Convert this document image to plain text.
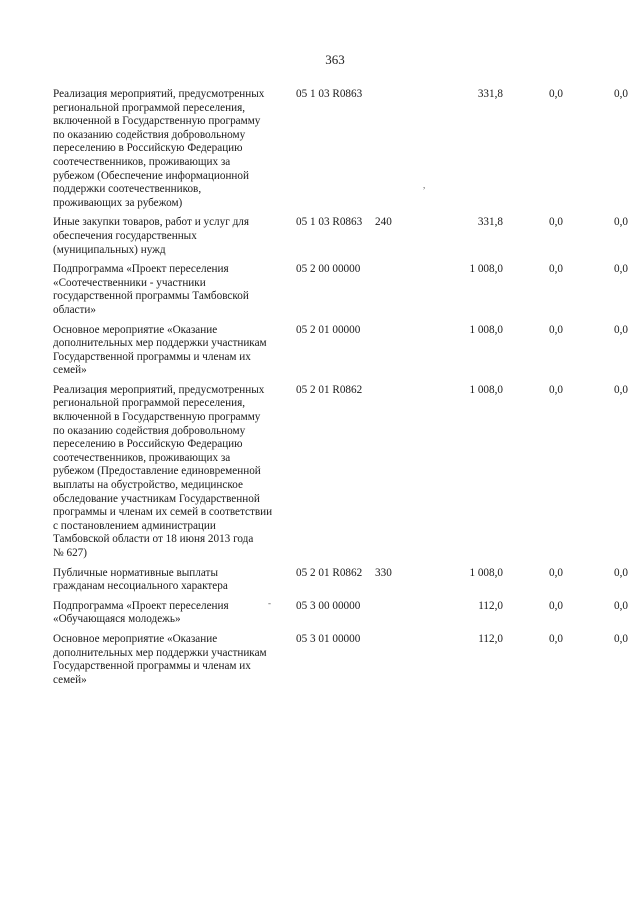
363
Реализация мероприятий, предусмотренных
региональной программой переселения,
включенной в Государственную программу
по оказанию содействия добровольному
переселению в Российскую Федерацию
соотечественников, проживающих за
рубежом (Обеспечение информационной
поддержки соотечественников,
проживающих за рубежом)
05 1 03 R0863	331,8	0,0	0,0
Иные закупки товаров, работ и услуг для
обеспечения государственных
(муниципальных) нужд
05 1 03 R0863 240	331,8	0,0	0,0
Подпрограмма «Проект переселения
«Соотечественники - участники
государственной программы Тамбовской
области»
05 2 00 00000	1 008,0	0,0	0,0
Основное мероприятие «Оказание
дополнительных мер поддержки участникам
Государственной программы и членам их
семей»
05 2 01 00000	1 008,0	0,0	0,0
Реализация мероприятий, предусмотренных
региональной программой переселения,
включенной в Государственную программу
по оказанию содействия добровольному
переселению в Российскую Федерацию
соотечественников, проживающих за
рубежом (Предоставление единовременной
выплаты на обустройство, медицинское
обследование участникам Государственной
программы и членам их семей в соответствии
с постановлением администрации
Тамбовской области от 18 июня 2013 года
№ 627)
05 2 01 R0862	1 008,0	0,0	0,0
Публичные нормативные выплаты
гражданам несоциального характера
05 2 01 R0862 330	1 008,0	0,0	0,0
Подпрограмма «Проект переселения
«Обучающаяся молодежь»
05 3 00 00000	112,0	0,0	0,0
Основное мероприятие «Оказание
дополнительных мер поддержки участникам
Государственной программы и членам их
семей»
05 3 01 00000	112,0	0,0	0,0
,
-
